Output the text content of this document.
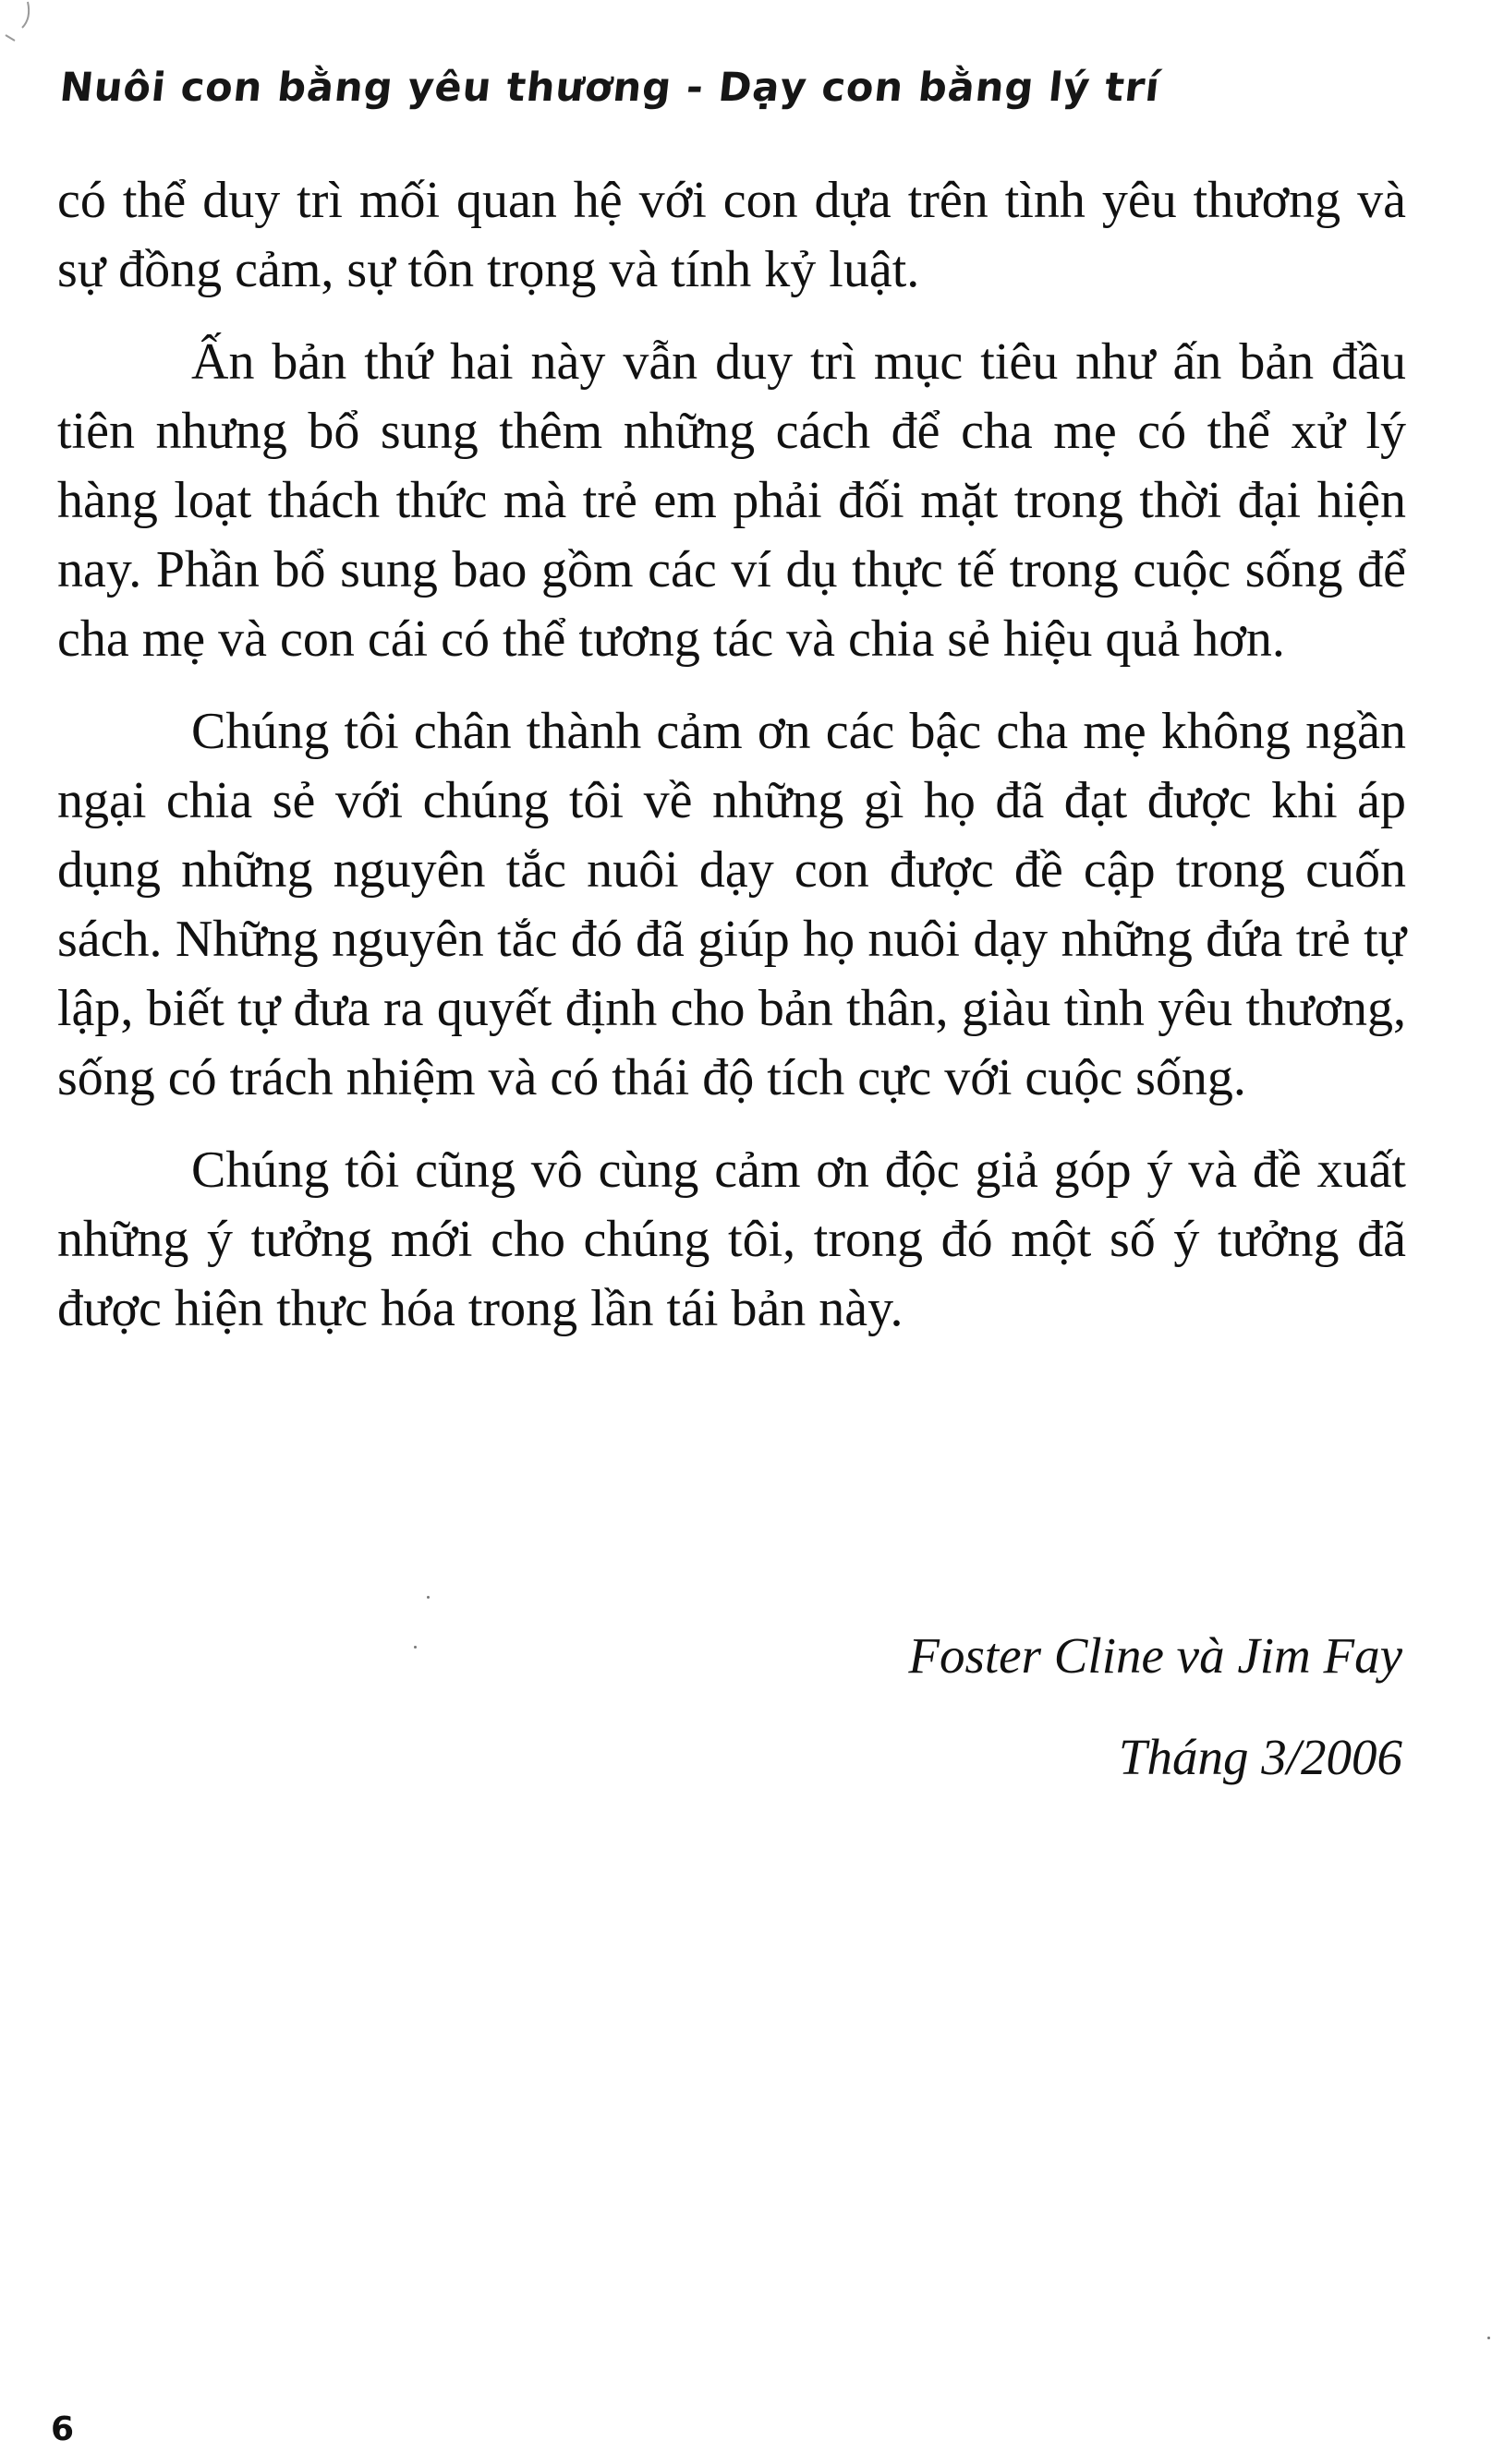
Nuôi con bằng yêu thương - Dạy con bằng lý trí

có thể duy trì mối quan hệ với con dựa trên tình yêu thương và sự đồng cảm, sự tôn trọng và tính kỷ luật.

Ấn bản thứ hai này vẫn duy trì mục tiêu như ấn bản đầu tiên nhưng bổ sung thêm những cách để cha mẹ có thể xử lý hàng loạt thách thức mà trẻ em phải đối mặt trong thời đại hiện nay. Phần bổ sung bao gồm các ví dụ thực tế trong cuộc sống để cha mẹ và con cái có thể tương tác và chia sẻ hiệu quả hơn.

Chúng tôi chân thành cảm ơn các bậc cha mẹ không ngần ngại chia sẻ với chúng tôi về những gì họ đã đạt được khi áp dụng những nguyên tắc nuôi dạy con được đề cập trong cuốn sách. Những nguyên tắc đó đã giúp họ nuôi dạy những đứa trẻ tự lập, biết tự đưa ra quyết định cho bản thân, giàu tình yêu thương, sống có trách nhiệm và có thái độ tích cực với cuộc sống.

Chúng tôi cũng vô cùng cảm ơn độc giả góp ý và đề xuất những ý tưởng mới cho chúng tôi, trong đó một số ý tưởng đã được hiện thực hóa trong lần tái bản này.

Foster Cline và Jim Fay
Tháng 3/2006
6
